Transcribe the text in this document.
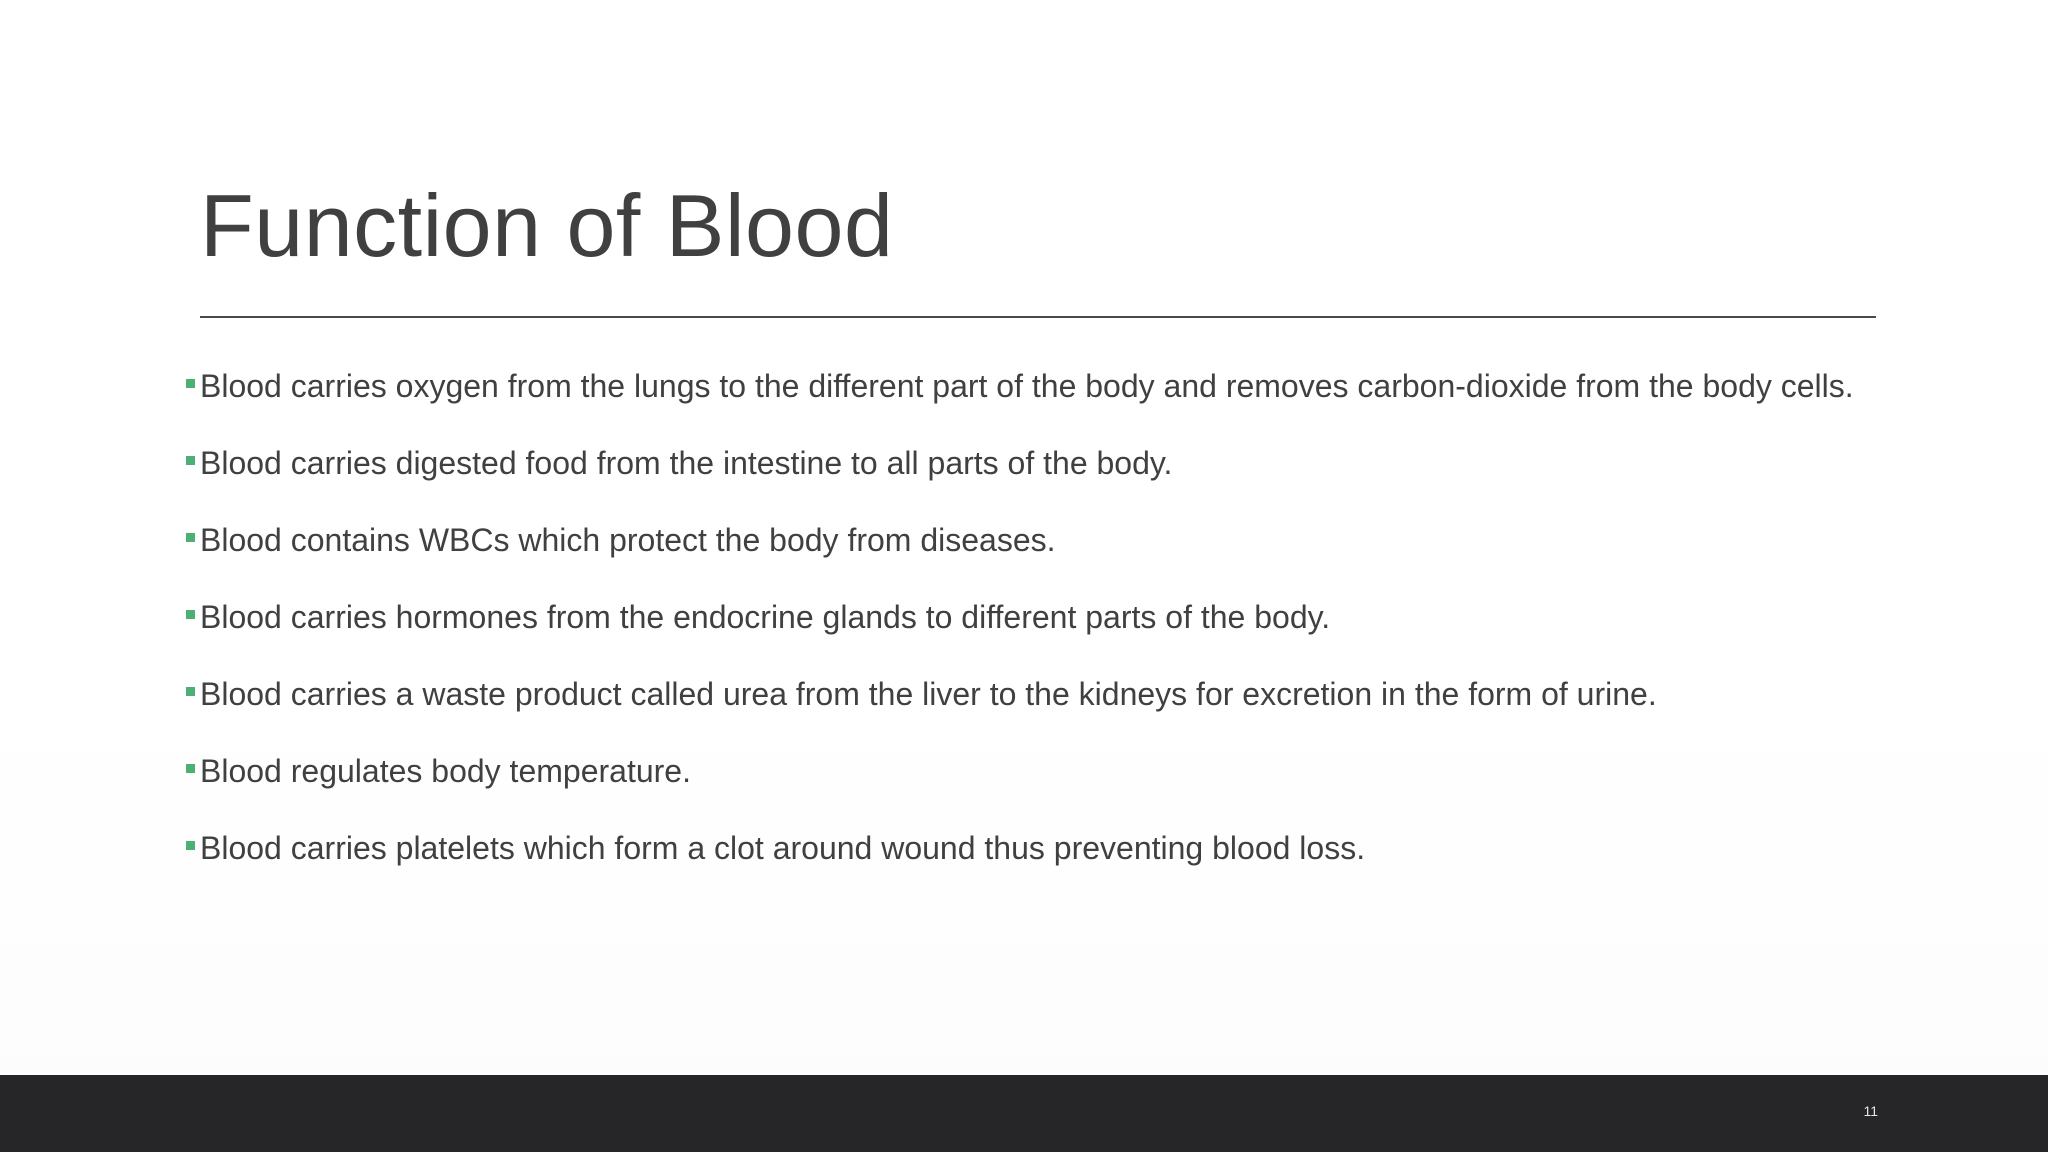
Function of Blood
Blood carries oxygen from the lungs to the different part of the body and removes carbon-dioxide from the body cells.
Blood carries digested food from the intestine to all parts of the body.
Blood contains WBCs which protect the body from diseases.
Blood carries hormones from the endocrine glands to different parts of the body.
Blood carries a waste product called urea from the liver to the kidneys for excretion in the form of urine.
Blood regulates body temperature.
Blood carries platelets which form a clot around wound thus preventing blood loss.
11
